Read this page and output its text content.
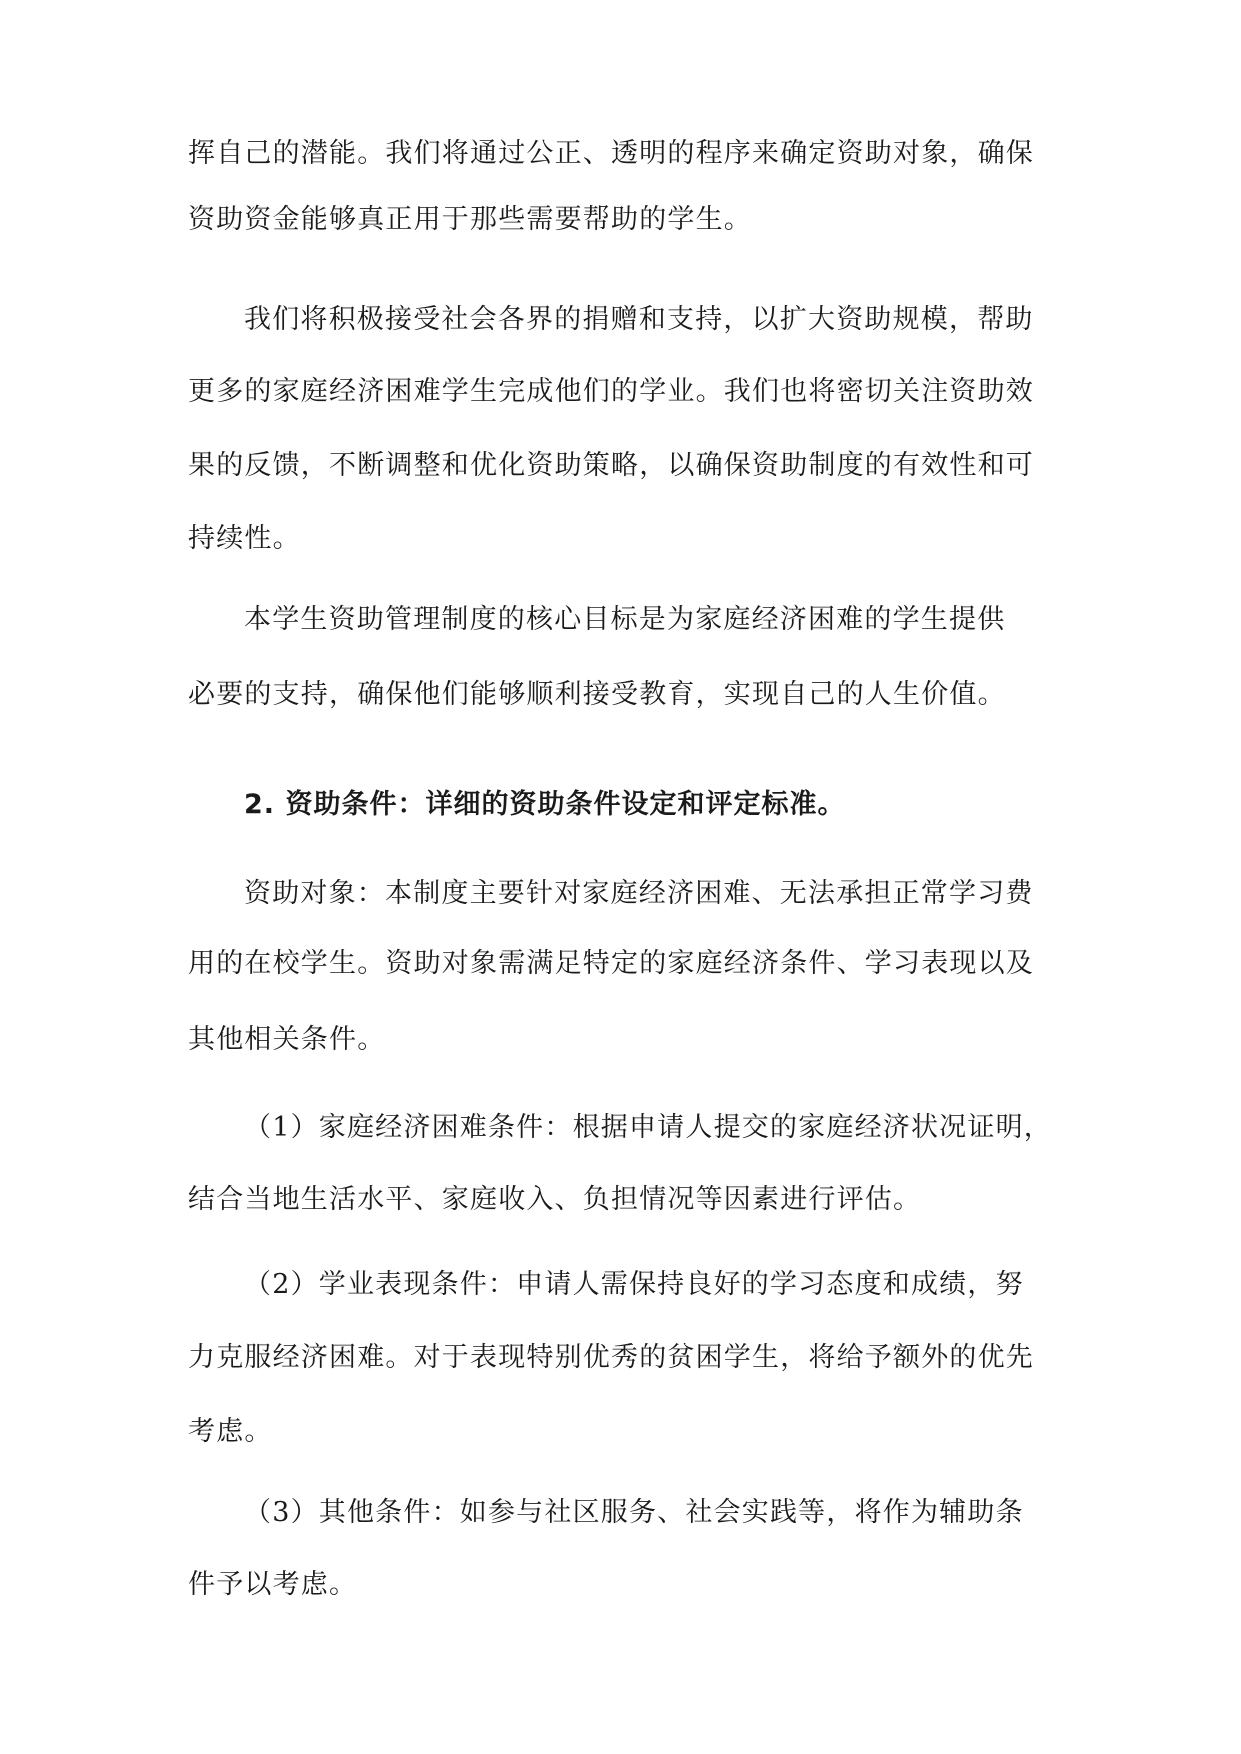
挥自己的潜能。我们将通过公正、透明的程序来确定资助对象，确保

资助资金能够真正用于那些需要帮助的学生。

我们将积极接受社会各界的捐赠和支持，以扩大资助规模，帮助

更多的家庭经济困难学生完成他们的学业。我们也将密切关注资助效

果的反馈，不断调整和优化资助策略，以确保资助制度的有效性和可

持续性。

本学生资助管理制度的核心目标是为家庭经济困难的学生提供

必要的支持，确保他们能够顺利接受教育，实现自己的人生价值。

2. 资助条件：详细的资助条件设定和评定标准。

资助对象：本制度主要针对家庭经济困难、无法承担正常学习费

用的在校学生。资助对象需满足特定的家庭经济条件、学习表现以及

其他相关条件。

（1）家庭经济困难条件：根据申请人提交的家庭经济状况证明，

结合当地生活水平、家庭收入、负担情况等因素进行评估。

（2）学业表现条件：申请人需保持良好的学习态度和成绩，努

力克服经济困难。对于表现特别优秀的贫困学生，将给予额外的优先

考虑。

（3）其他条件：如参与社区服务、社会实践等，将作为辅助条

件予以考虑。
